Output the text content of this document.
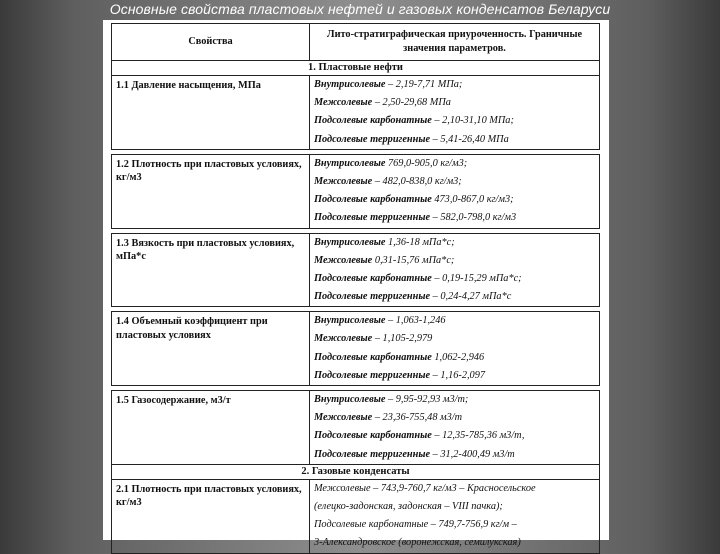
Основные свойства пластовых нефтей и газовых конденсатов Беларуси
Свойства	Лито-стратиграфическая приуроченность. Граничные значения параметров.
1. Пластовые нефти	
1.1 Давление насыщения, МПа	Внутрисолевые – 2,19-7,71 МПа;
Межсолевые – 2,50-29,68 МПа
Подсолевые карбонатные – 2,10-31,10 МПа;
Подсолевые терригенные – 5,41-26,40 МПа

1.2 Плотность при пластовых условиях, кг/м3	Внутрисолевые 769,0-905,0 кг/м3;
Межсолевые – 482,0-838,0 кг/м3;
Подсолевые карбонатные 473,0-867,0 кг/м3;
Подсолевые терригенные – 582,0-798,0 кг/м3

1.3 Вязкость при пластовых условиях, мПа*с	Внутрисолевые 1,36-18 мПа*с;
Межсолевые 0,31-15,76 мПа*с;
Подсолевые карбонатные – 0,19-15,29 мПа*с;
Подсолевые терригенные – 0,24-4,27 мПа*с

1.4 Объемный коэффициент при пластовых условиях	Внутрисолевые – 1,063-1,246
Межсолевые – 1,105-2,979
Подсолевые карбонатные 1,062-2,946
Подсолевые терригенные – 1,16-2,097

1.5 Газосодержание, м3/т	Внутрисолевые – 9,95-92,93 м3/т;
Межсолевые – 23,36-755,48 м3/т
Подсолевые карбонатные – 12,35-785,36 м3/т,
Подсолевые терригенные – 31,2-400,49 м3/т

2. Газовые конденсаты	
2.1 Плотность при пластовых условиях, кг/м3	Межсолевые – 743,9-760,7 кг/м3 – Красносельское
(елецко-задонская, задонская – VIII пачка);
Подсолевые карбонатные – 749,7-756,9 кг/м –
3-Александровское (воронежская, семилукская)
